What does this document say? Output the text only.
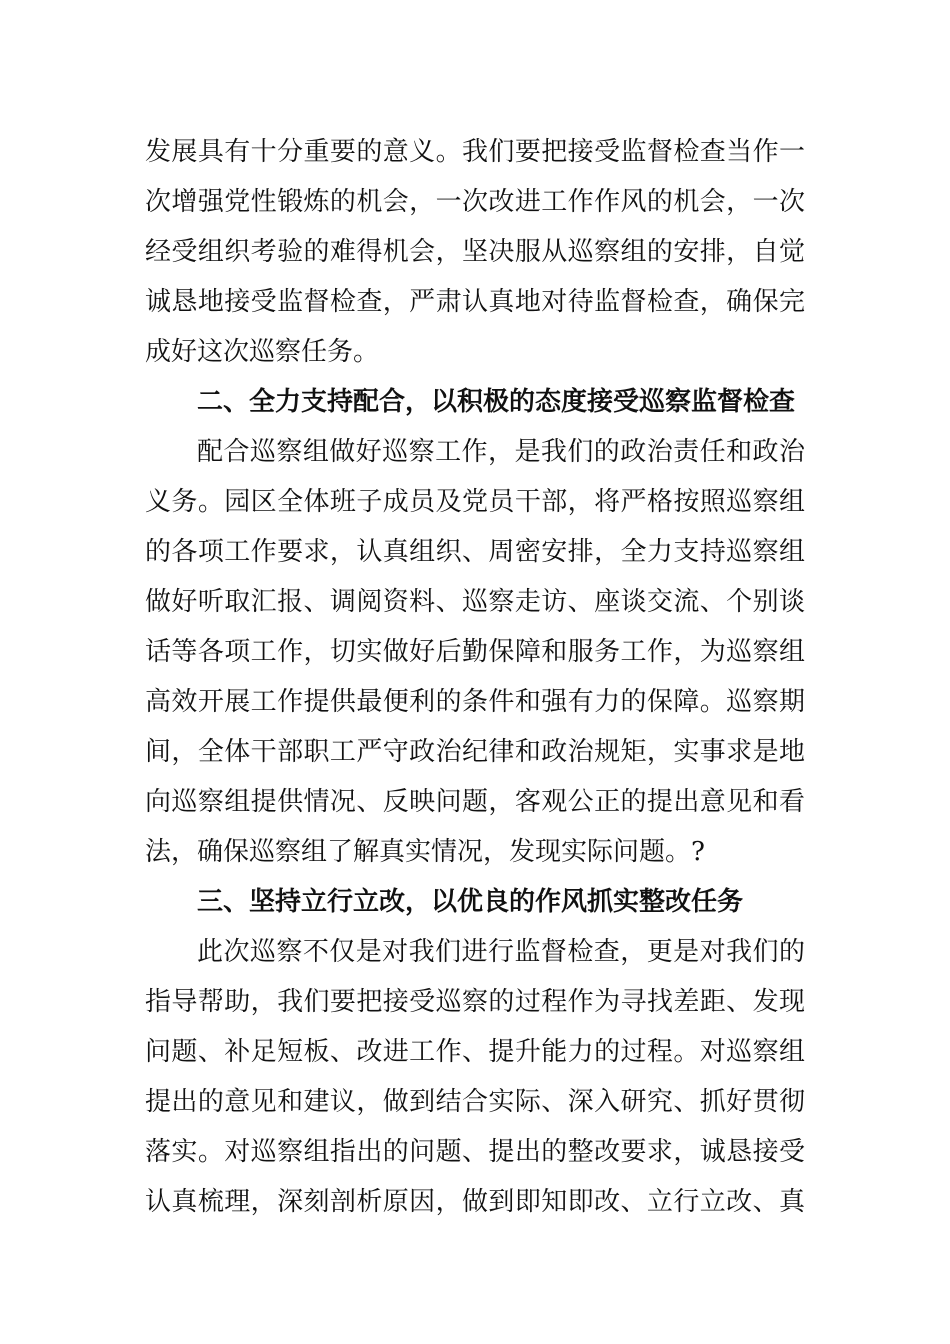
发展具有十分重要的意义。我们要把接受监督检查当作一
次增强党性锻炼的机会，一次改进工作作风的机会，一次
经受组织考验的难得机会，坚决服从巡察组的安排，自觉
诚恳地接受监督检查，严肃认真地对待监督检查，确保完
成好这次巡察任务。
二、全力支持配合，以积极的态度接受巡察监督检查
配合巡察组做好巡察工作，是我们的政治责任和政治
义务。园区全体班子成员及党员干部，将严格按照巡察组
的各项工作要求，认真组织、周密安排，全力支持巡察组
做好听取汇报、调阅资料、巡察走访、座谈交流、个别谈
话等各项工作，切实做好后勤保障和服务工作，为巡察组
高效开展工作提供最便利的条件和强有力的保障。巡察期
间，全体干部职工严守政治纪律和政治规矩，实事求是地
向巡察组提供情况、反映问题，客观公正的提出意见和看
法，确保巡察组了解真实情况，发现实际问题。?
三、坚持立行立改，以优良的作风抓实整改任务
此次巡察不仅是对我们进行监督检查，更是对我们的
指导帮助，我们要把接受巡察的过程作为寻找差距、发现
问题、补足短板、改进工作、提升能力的过程。对巡察组
提出的意见和建议，做到结合实际、深入研究、抓好贯彻
落实。对巡察组指出的问题、提出的整改要求，诚恳接受
认真梳理，深刻剖析原因，做到即知即改、立行立改、真
